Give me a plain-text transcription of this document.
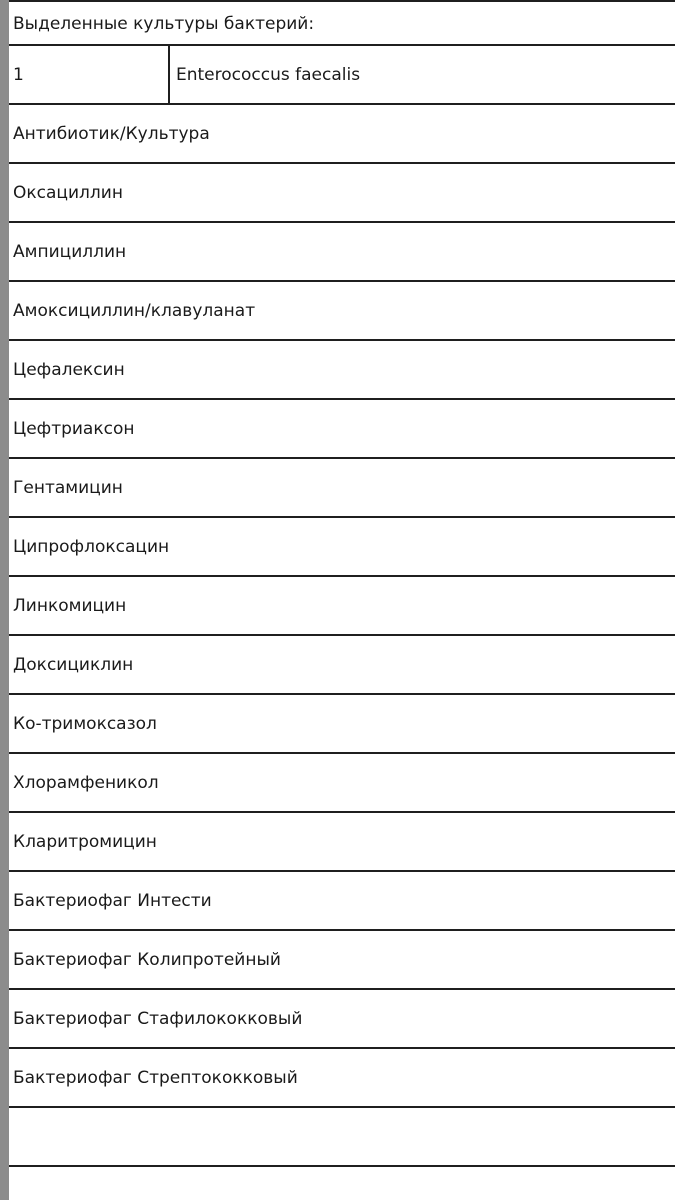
Выделенные культуры бактерий:
1	Enterococcus faecalis
Антибиотик/Культура
Оксациллин
Ампициллин
Амоксициллин/клавуланат
Цефалексин
Цефтриаксон
Гентамицин
Ципрофлоксацин
Линкомицин
Доксициклин
Ко-тримоксазол
Хлорамфеникол
Кларитромицин
Бактериофаг Интести
Бактериофаг Колипротейный
Бактериофаг Стафилококковый
Бактериофаг Стрептококковый
